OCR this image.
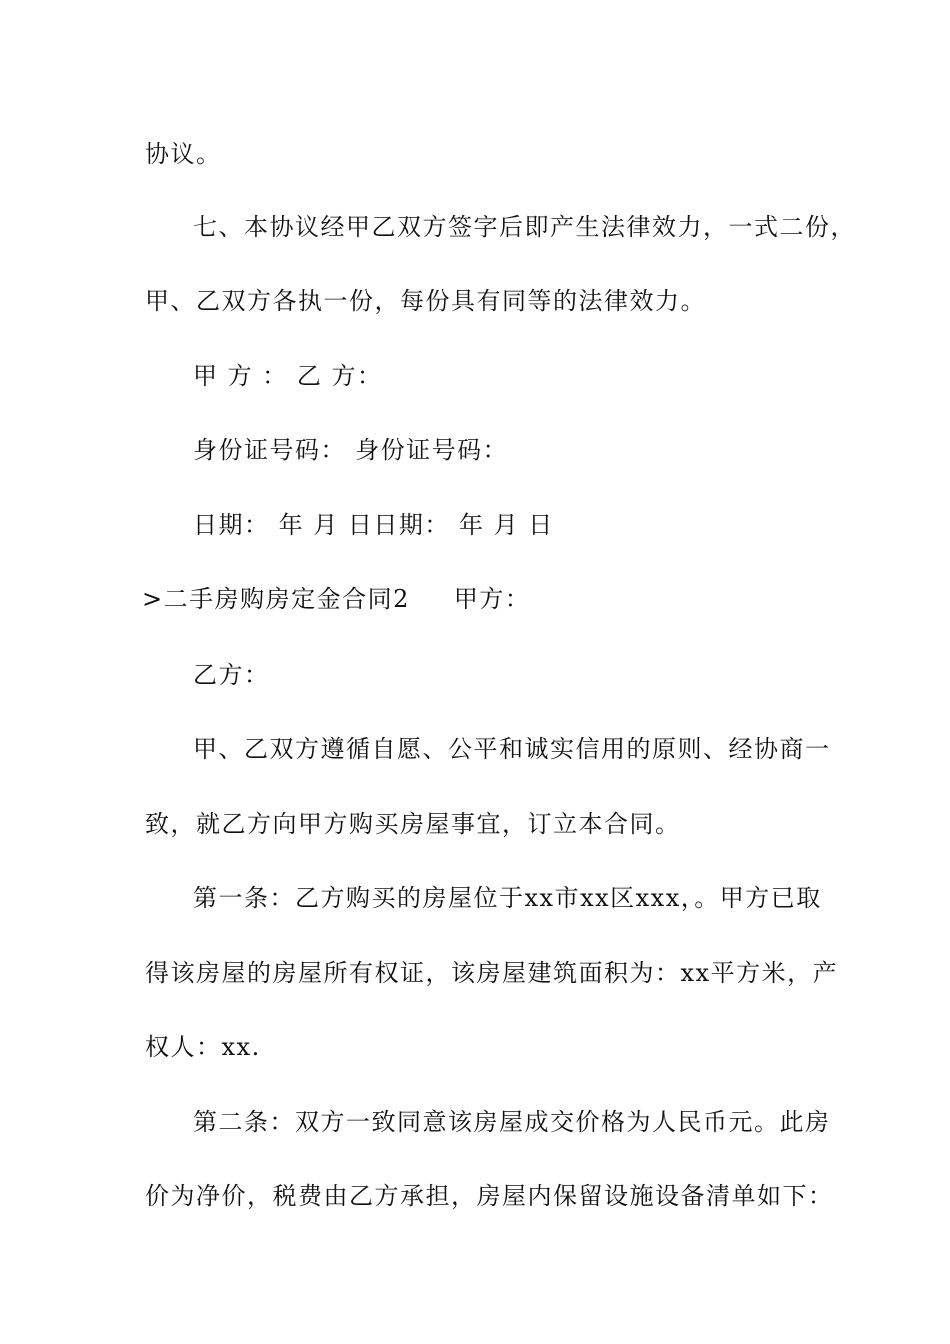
协议。
七、本协议经甲乙双方签字后即产生法律效力，一式二份，
甲、乙双方各执一份，每份具有同等的法律效力。
甲 方 ： 乙 方：
身份证号码： 身份证号码：
日期： 年 月 日日期： 年 月 日
>二手房购房定金合同2 甲方：
乙方：
甲、乙双方遵循自愿、公平和诚实信用的原则、经协商一
致，就乙方向甲方购买房屋事宜，订立本合同。
第一条：乙方购买的房屋位于xx市xx区xxx，。甲方已取
得该房屋的房屋所有权证，该房屋建筑面积为：xx平方米，产
权人：xx.
第二条：双方一致同意该房屋成交价格为人民币元。此房
价为净价，税费由乙方承担，房屋内保留设施设备清单如下：
